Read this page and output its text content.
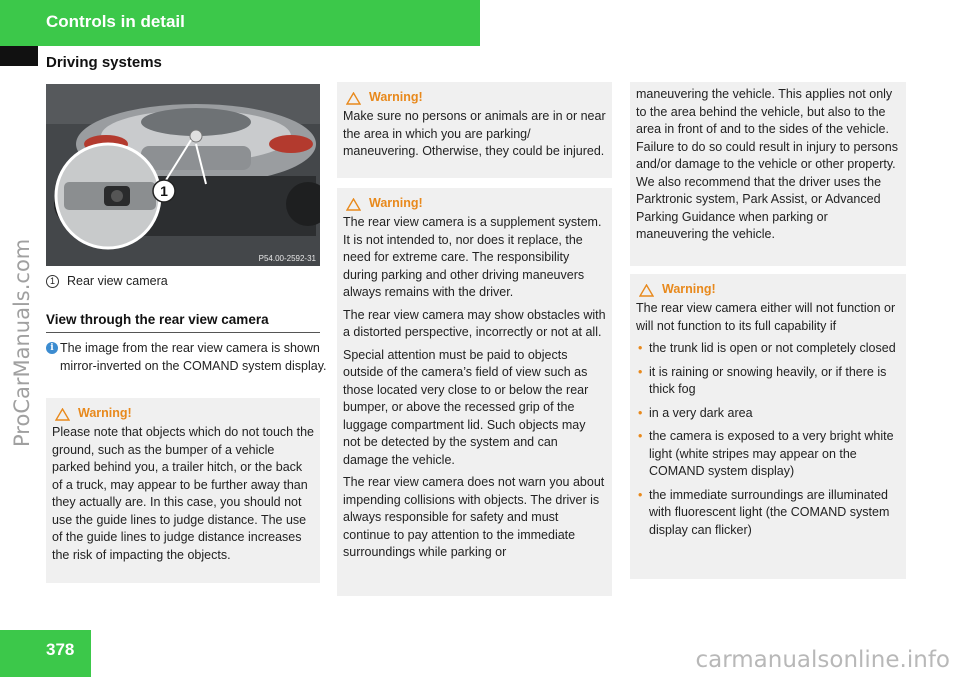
Controls in detail
Driving systems
ProCarManuals.com
1
P54.00-2592-31
1 Rear view camera
View through the rear view camera
i The image from the rear view camera is shown mirror-inverted on the COMAND system display.
Warning!

Please note that objects which do not touch the ground, such as the bumper of a vehicle parked behind you, a trailer hitch, or the back of a truck, may appear to be further away than they actually are. In this case, you should not use the guide lines to judge distance. The use of the guide lines to judge distance increases the risk of impacting the objects.

Warning!

Make sure no persons or animals are in or near the area in which you are parking/ maneuvering. Otherwise, they could be injured.

Warning!

The rear view camera is a supplement system. It is not intended to, nor does it replace, the need for extreme care. The responsibility during parking and other driving maneuvers always remains with the driver.

The rear view camera may show obstacles with a distorted perspective, incorrectly or not at all.

Special attention must be paid to objects outside of the camera’s field of view such as those located very close to or below the rear bumper, or above the recessed grip of the luggage compartment lid. Such objects may not be detected by the system and can damage the vehicle.

The rear view camera does not warn you about impending collisions with objects. The driver is always responsible for safety and must continue to pay attention to the immediate surroundings while parking or

maneuvering the vehicle. This applies not only to the area behind the vehicle, but also to the area in front of and to the sides of the vehicle. Failure to do so could result in injury to persons and/or damage to the vehicle or other property. We also recommend that the driver uses the Parktronic system, Park Assist, or Advanced Parking Guidance when parking or maneuvering the vehicle.
Warning!

The rear view camera either will not function or will not function to its full capability if

• the trunk lid is open or not completely closed
• it is raining or snowing heavily, or if there is thick fog
• in a very dark area
• the camera is exposed to a very bright white light (white stripes may appear on the COMAND system display)
• the immediate surroundings are illuminated with fluorescent light (the COMAND system display can flicker)
378	carmanualsonline.info
